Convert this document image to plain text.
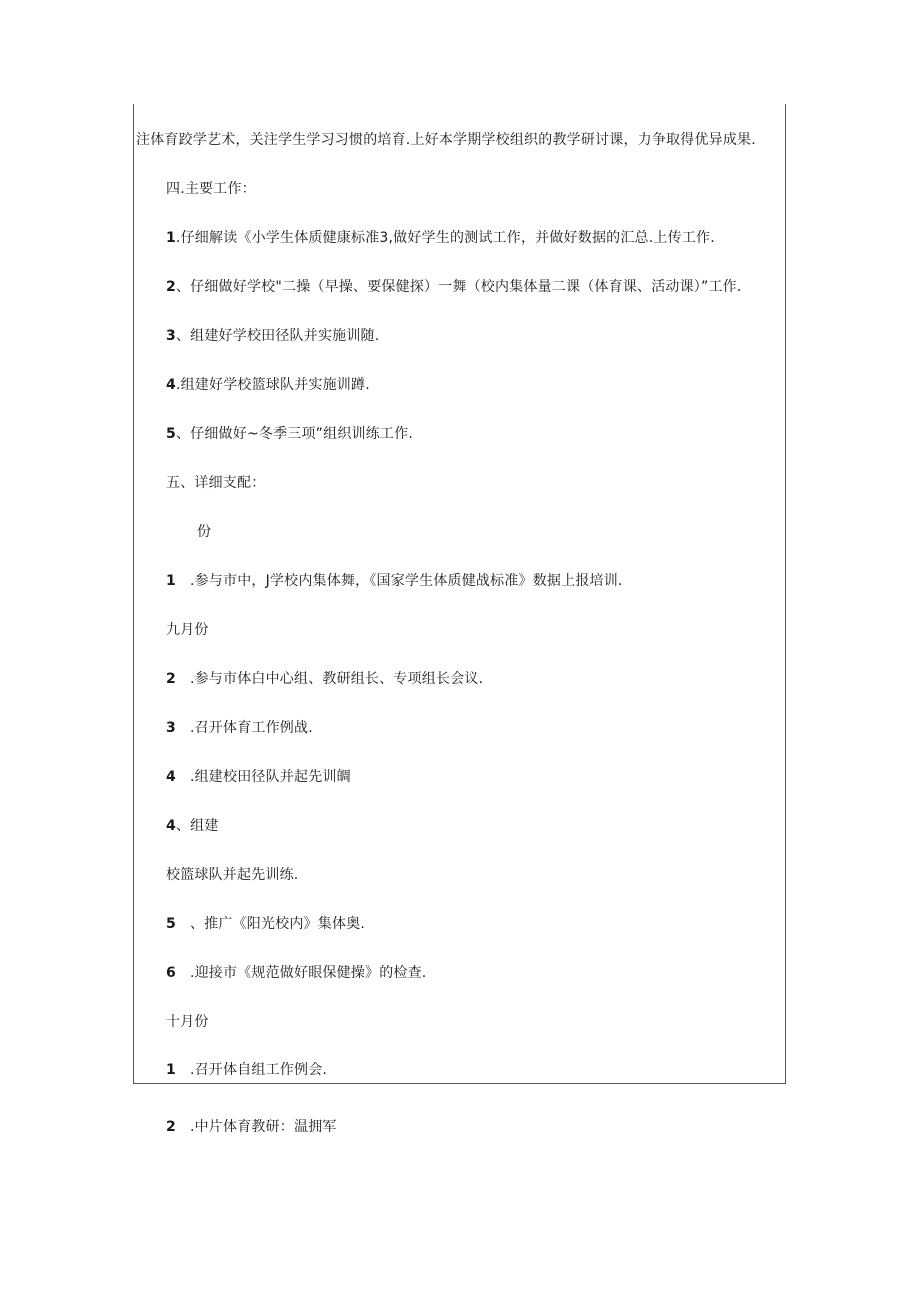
注体育跤学艺术，关注学生学习习惯的培育.上好本学期学校组织的教学研讨课，力争取得优异成果.
四.主要工作：
1.仔细解读《小学生体质健康标准3,做好学生的测试工作，并做好数据的汇总.上传工作.
2、仔细做好学校"二操（早操、要保健探）一舞（校内集体量二课（体育课、活动课）”工作.
3、组建好学校田径队并实施训随.
4.组建好学校篮球队并实施训蹲.
5、仔细做好~冬季三项”组织训练工作.
五、详细支配：
份
1 .参与市中，J学校内集体舞，《国家学生体质健战标准》数据上报培训.
九月份
2 .参与市体白中心组、教研组长、专项组长会议.
3 .召开体育工作例战.
4 .组建校田径队并起先训皗
4、组建
校篮球队并起先训练.
5 、推广《阳光校内》集体奥.
6 .迎接市《规范做好眼保健操》的检查.
十月份
1 .召开体自组工作例会.
2 .中片体育教研：温拥军
